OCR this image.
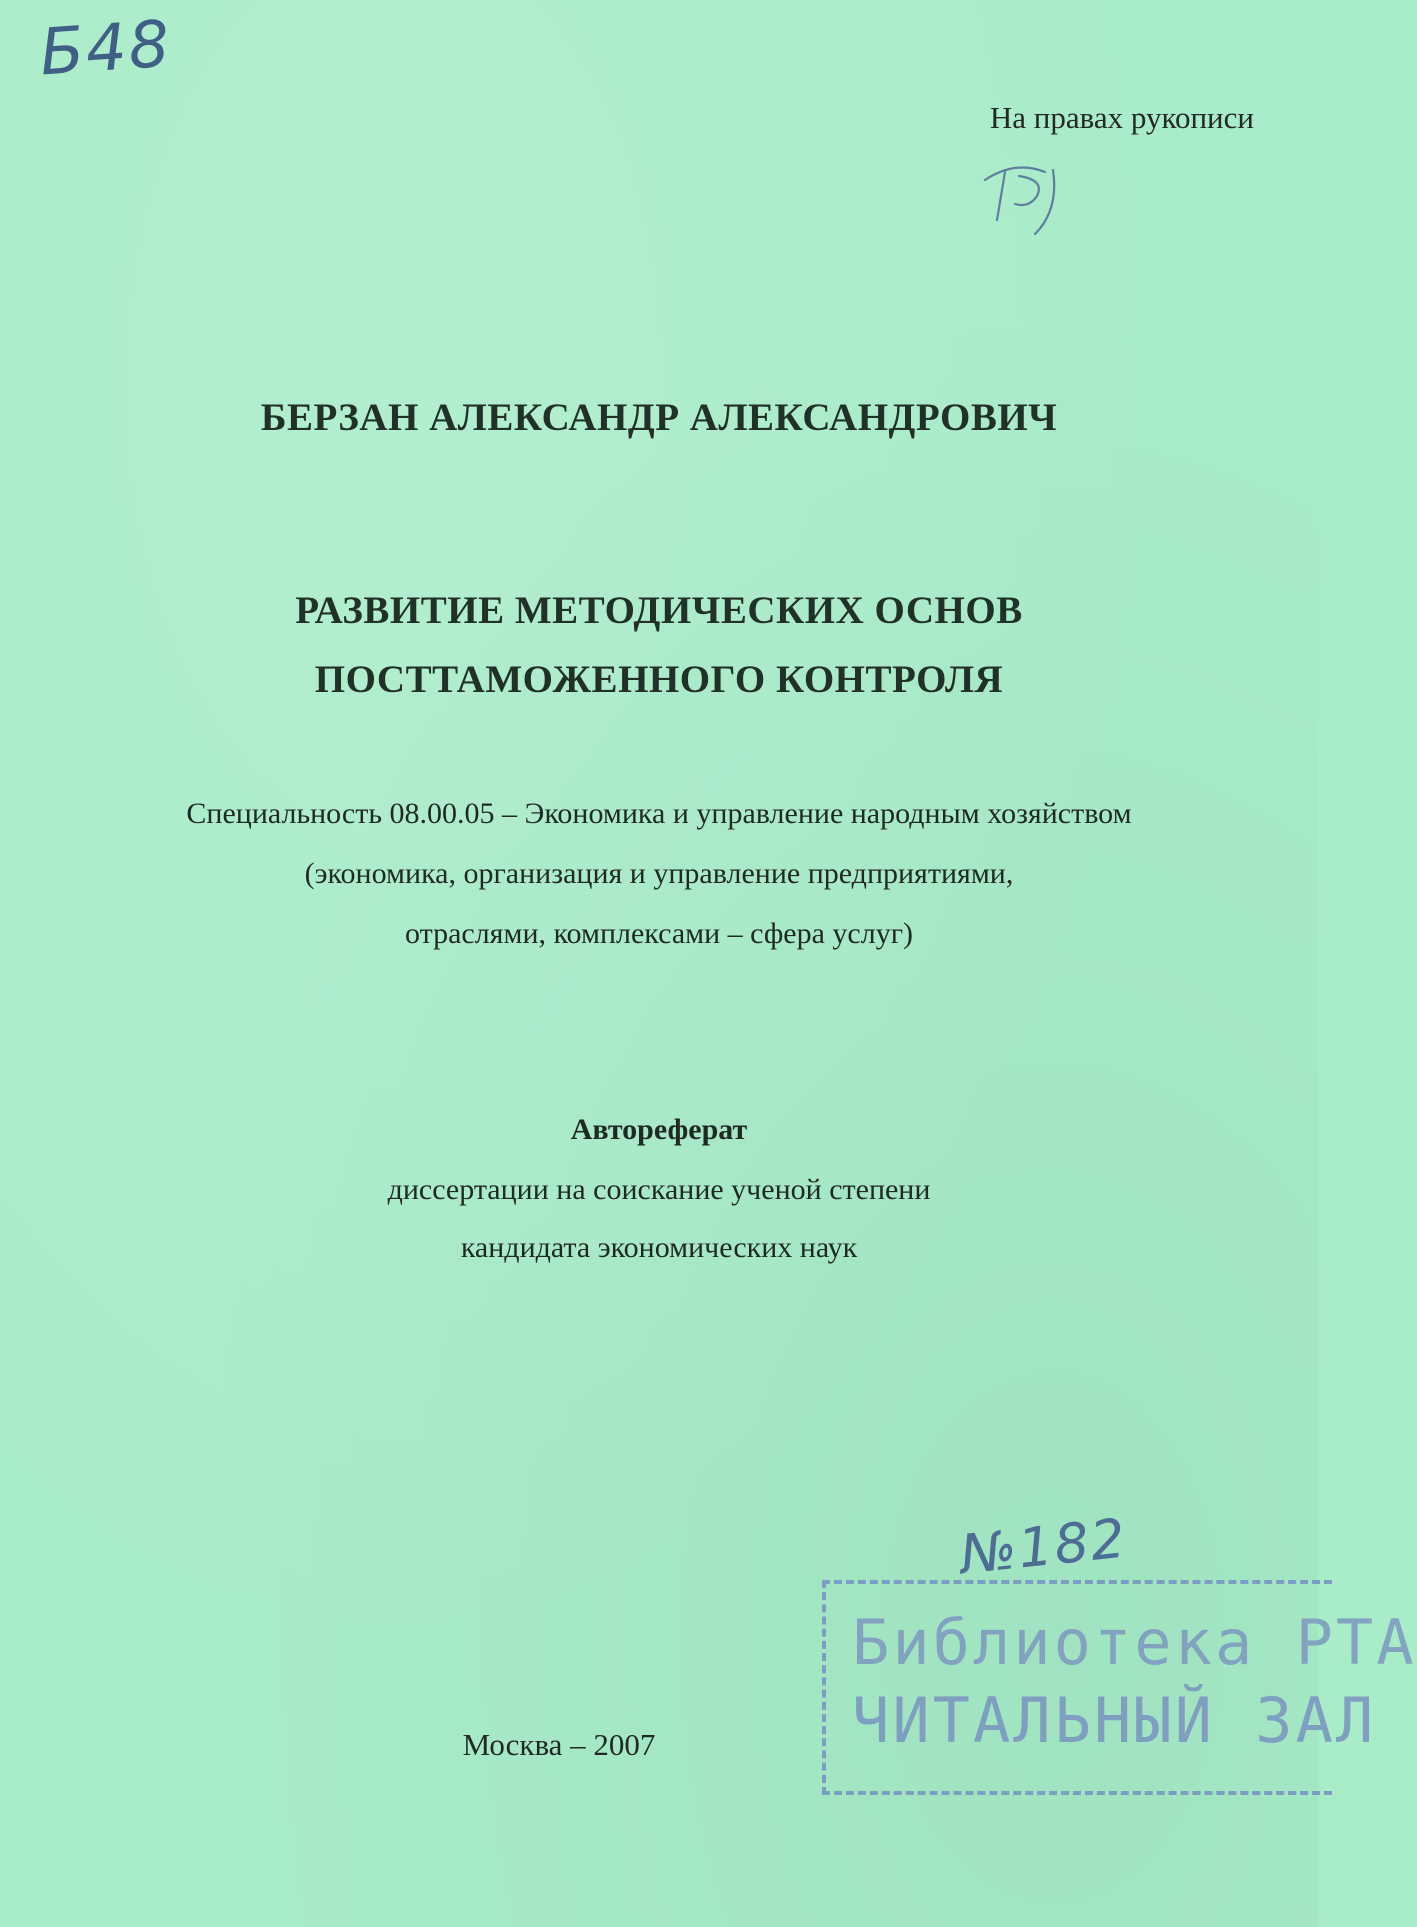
Б48
На правах рукописи
БЕРЗАН АЛЕКСАНДР АЛЕКСАНДРОВИЧ
РАЗВИТИЕ МЕТОДИЧЕСКИХ ОСНОВ
ПОСТТАМОЖЕННОГО КОНТРОЛЯ
Специальность 08.00.05 – Экономика и управление народным хозяйством
(экономика, организация и управление предприятиями,
отраслями, комплексами – сфера услуг)
Автореферат
диссертации на соискание ученой степени
кандидата экономических наук
№182
Библиотека РТА
ЧИТАЛЬНЫЙ ЗАЛ
Москва – 2007
